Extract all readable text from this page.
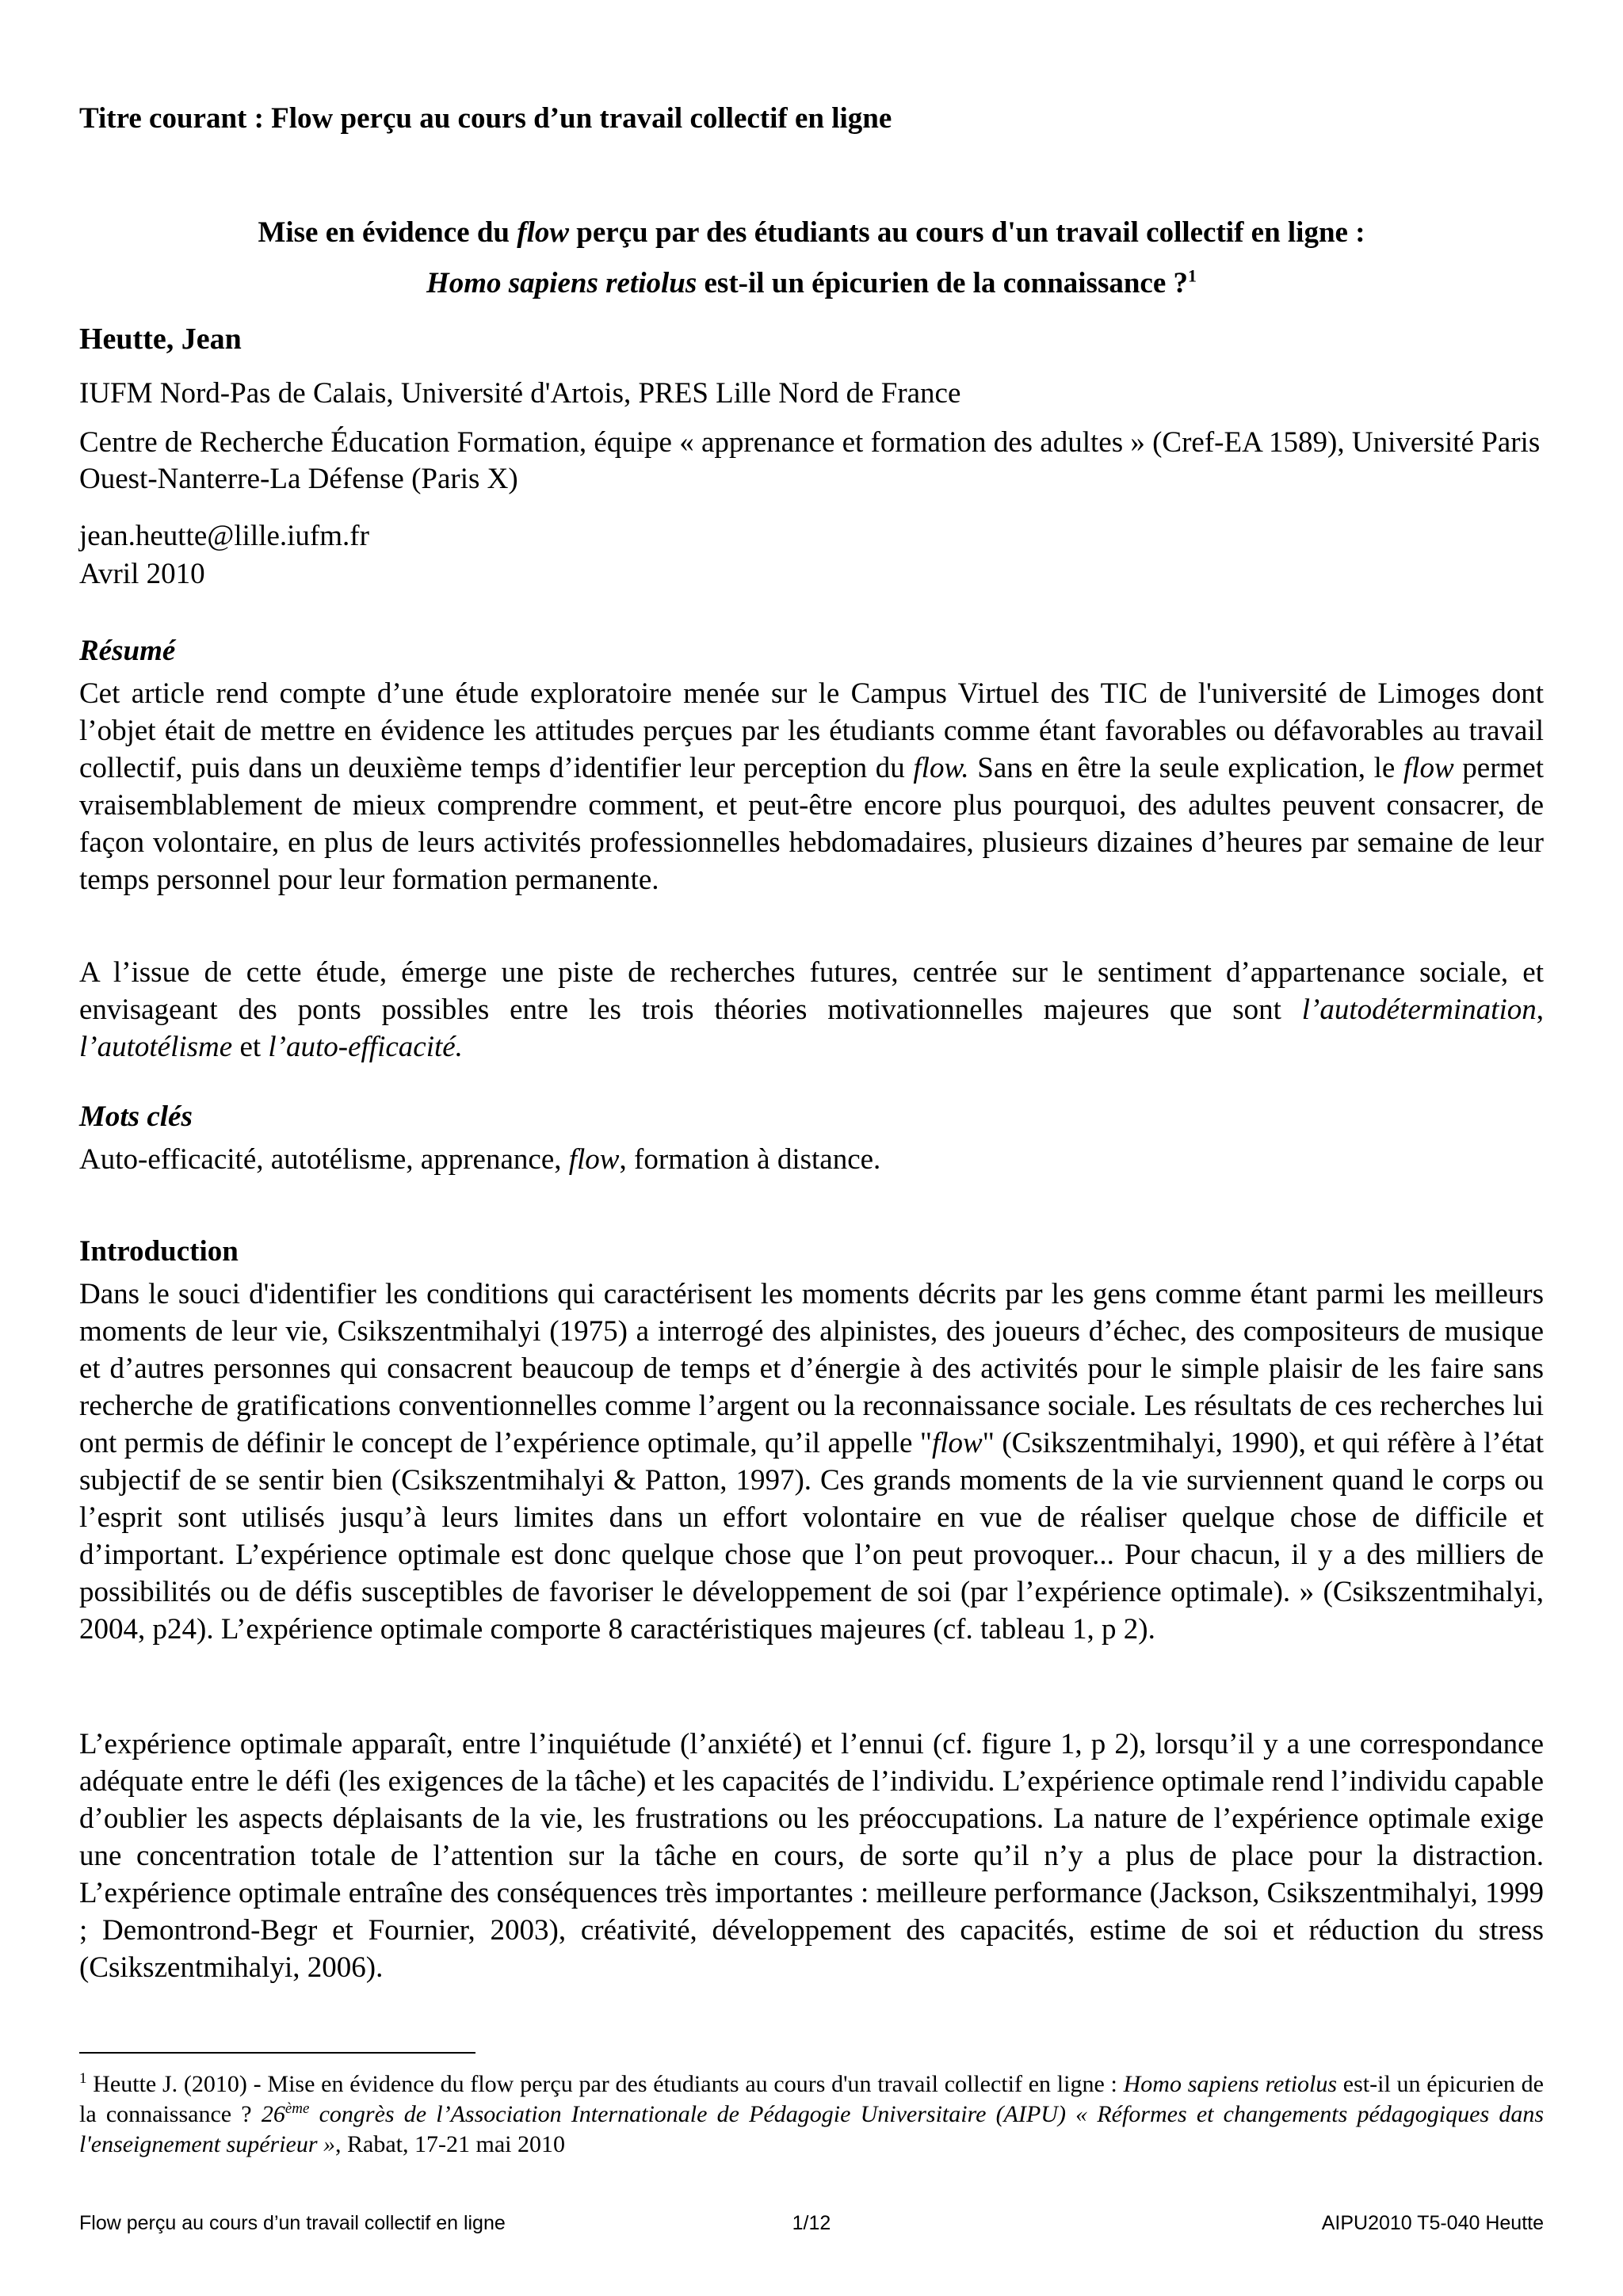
Titre courant : Flow perçu au cours d’un travail collectif en ligne
Mise en évidence du flow perçu par des étudiants au cours d'un travail collectif en ligne :
Homo sapiens retiolus est-il un épicurien de la connaissance ?$^1$
Heutte, Jean

IUFM Nord-Pas de Calais, Université d'Artois, PRES Lille Nord de France

Centre de Recherche Éducation Formation, équipe « apprenance et formation des adultes » (Cref-EA 1589), Université Paris Ouest-Nanterre-La Défense (Paris X)

jean.heutte@lille.iufm.fr
Avril 2010
Résumé

Cet article rend compte d’une étude exploratoire menée sur le Campus Virtuel des TIC de l'université de Limoges dont l’objet était de mettre en évidence les attitudes perçues par les étudiants comme étant favorables ou défavorables au travail collectif, puis dans un deuxième temps d’identifier leur perception du flow. Sans en être la seule explication, le flow permet vraisemblablement de mieux comprendre comment, et peut-être encore plus pourquoi, des adultes peuvent consacrer, de façon volontaire, en plus de leurs activités professionnelles hebdomadaires, plusieurs dizaines d’heures par semaine de leur temps personnel pour leur formation permanente.

A l’issue de cette étude, émerge une piste de recherches futures, centrée sur le sentiment d’appartenance sociale, et envisageant des ponts possibles entre les trois théories motivationnelles majeures que sont l’autodétermination, l’autotélisme et l’auto-efficacité.

Mots clés

Auto-efficacité, autotélisme, apprenance, flow, formation à distance.

Introduction

Dans le souci d'identifier les conditions qui caractérisent les moments décrits par les gens comme étant parmi les meilleurs moments de leur vie, Csikszentmihalyi (1975) a interrogé des alpinistes, des joueurs d’échec, des compositeurs de musique et d’autres personnes qui consacrent beaucoup de temps et d’énergie à des activités pour le simple plaisir de les faire sans recherche de gratifications conventionnelles comme l’argent ou la reconnaissance sociale. Les résultats de ces recherches lui ont permis de définir le concept de l’expérience optimale, qu’il appelle "flow" (Csikszentmihalyi, 1990), et qui réfère à l’état subjectif de se sentir bien (Csikszentmihalyi & Patton, 1997). Ces grands moments de la vie surviennent quand le corps ou l’esprit sont utilisés jusqu’à leurs limites dans un effort volontaire en vue de réaliser quelque chose de difficile et d’important. L’expérience optimale est donc quelque chose que l’on peut provoquer... Pour chacun, il y a des milliers de possibilités ou de défis susceptibles de favoriser le développement de soi (par l’expérience optimale). » (Csikszentmihalyi, 2004, p24). L’expérience optimale comporte 8 caractéristiques majeures (cf. tableau 1, p 2).

L’expérience optimale apparaît, entre l’inquiétude (l’anxiété) et l’ennui (cf. figure 1, p 2), lorsqu’il y a une correspondance adéquate entre le défi (les exigences de la tâche) et les capacités de l’individu. L’expérience optimale rend l’individu capable d’oublier les aspects déplaisants de la vie, les frustrations ou les préoccupations. La nature de l’expérience optimale exige une concentration totale de l’attention sur la tâche en cours, de sorte qu’il n’y a plus de place pour la distraction. L’expérience optimale entraîne des conséquences très importantes : meilleure performance (Jackson, Csikszentmihalyi, 1999 ; Demontrond-Begr et Fournier, 2003), créativité, développement des capacités, estime de soi et réduction du stress (Csikszentmihalyi, 2006).

$^1$ Heutte J. (2010) - Mise en évidence du flow perçu par des étudiants au cours d'un travail collectif en ligne : Homo sapiens retiolus est-il un épicurien de la connaissance ? 26ème congrès de l’Association Internationale de Pédagogie Universitaire (AIPU) « Réformes et changements pédagogiques dans l'enseignement supérieur », Rabat, 17-21 mai 2010

Flow perçu au cours d’un travail collectif en ligne	1/12	AIPU2010 T5-040 Heutte
